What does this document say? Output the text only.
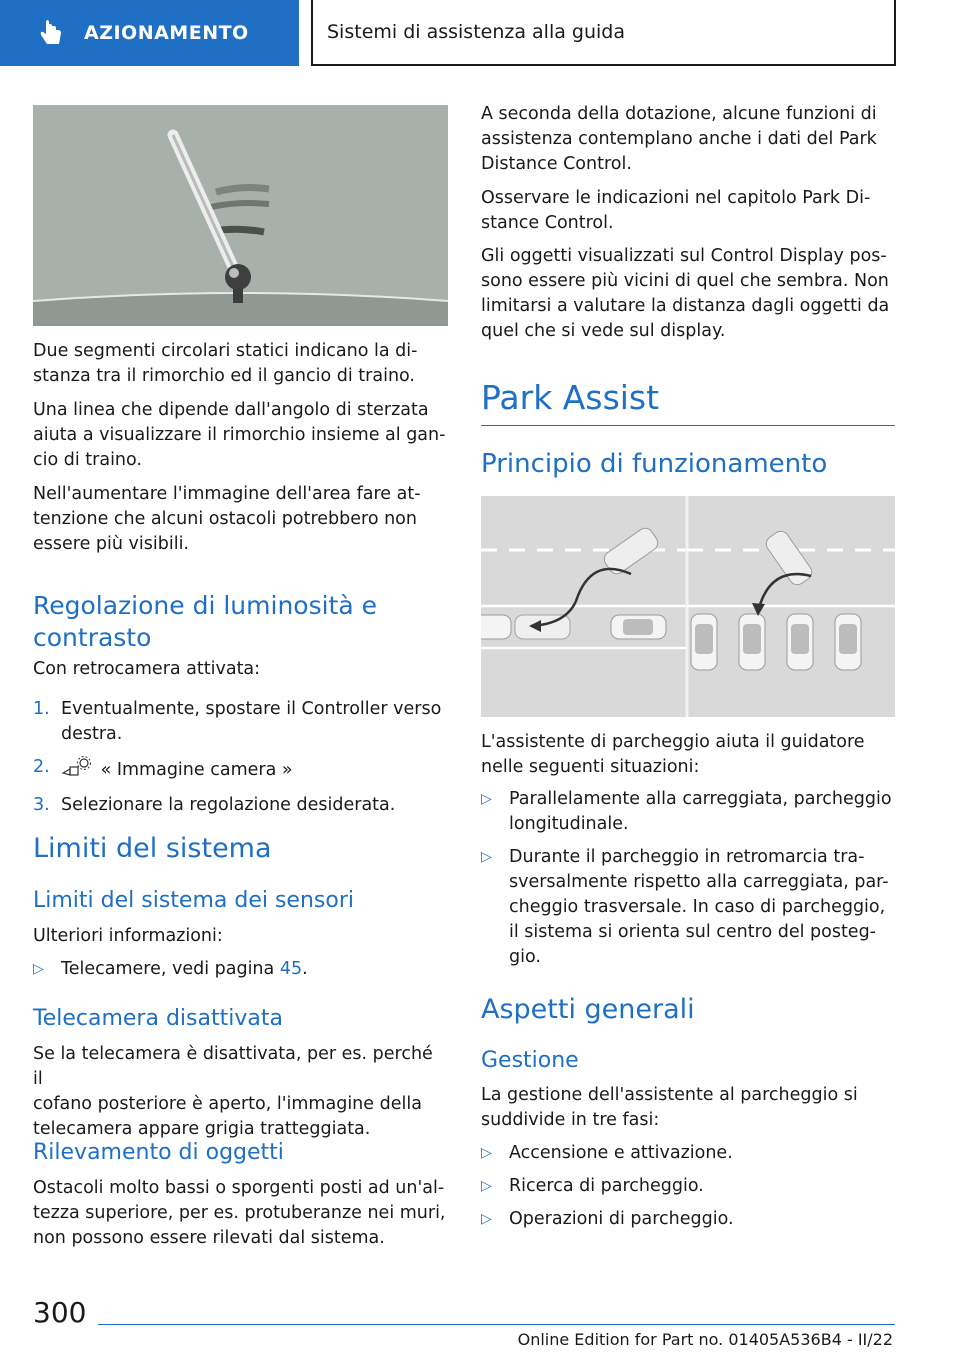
AZIONAMENTO	Sistemi di assistenza alla guida

Due segmenti circolari statici indicano la di-
stanza tra il rimorchio ed il gancio di traino.

Una linea che dipende dall'angolo di sterzata
aiuta a visualizzare il rimorchio insieme al gan-
cio di traino.

Nell'aumentare l'immagine dell'area fare at-
tenzione che alcuni ostacoli potrebbero non
essere più visibili.

Regolazione di luminosità e
contrasto

Con retrocamera attivata:

1. Eventualmente, spostare il Controller verso
destra.
2.	« Immagine camera »
3. Selezionare la regolazione desiderata.
Limiti del sistema
Limiti del sistema dei sensori

Ulteriori informazioni:

▷ Telecamere, vedi pagina 45.
Telecamera disattivata

Se la telecamera è disattivata, per es. perché il
cofano posteriore è aperto, l'immagine della
telecamera appare grigia tratteggiata.

Rilevamento di oggetti

Ostacoli molto bassi o sporgenti posti ad un'al-
tezza superiore, per es. protuberanze nei muri,
non possono essere rilevati dal sistema.

A seconda della dotazione, alcune funzioni di
assistenza contemplano anche i dati del Park
Distance Control.

Osservare le indicazioni nel capitolo Park Di-
stance Control.

Gli oggetti visualizzati sul Control Display pos-
sono essere più vicini di quel che sembra. Non
limitarsi a valutare la distanza dagli oggetti da
quel che si vede sul display.

Park Assist
Principio di funzionamento

L'assistente di parcheggio aiuta il guidatore
nelle seguenti situazioni:

▷ Parallelamente alla carreggiata, parcheggio
longitudinale.
▷ Durante il parcheggio in retromarcia tra-
sversalmente rispetto alla carreggiata, par-
cheggio trasversale. In caso di parcheggio,
il sistema si orienta sul centro del posteg-
gio.
Aspetti generali
Gestione

La gestione dell'assistente al parcheggio si
suddivide in tre fasi:

▷ Accensione e attivazione.
▷ Ricerca di parcheggio.
▷ Operazioni di parcheggio.
300
Online Edition for Part no. 01405A536B4 - II/22
